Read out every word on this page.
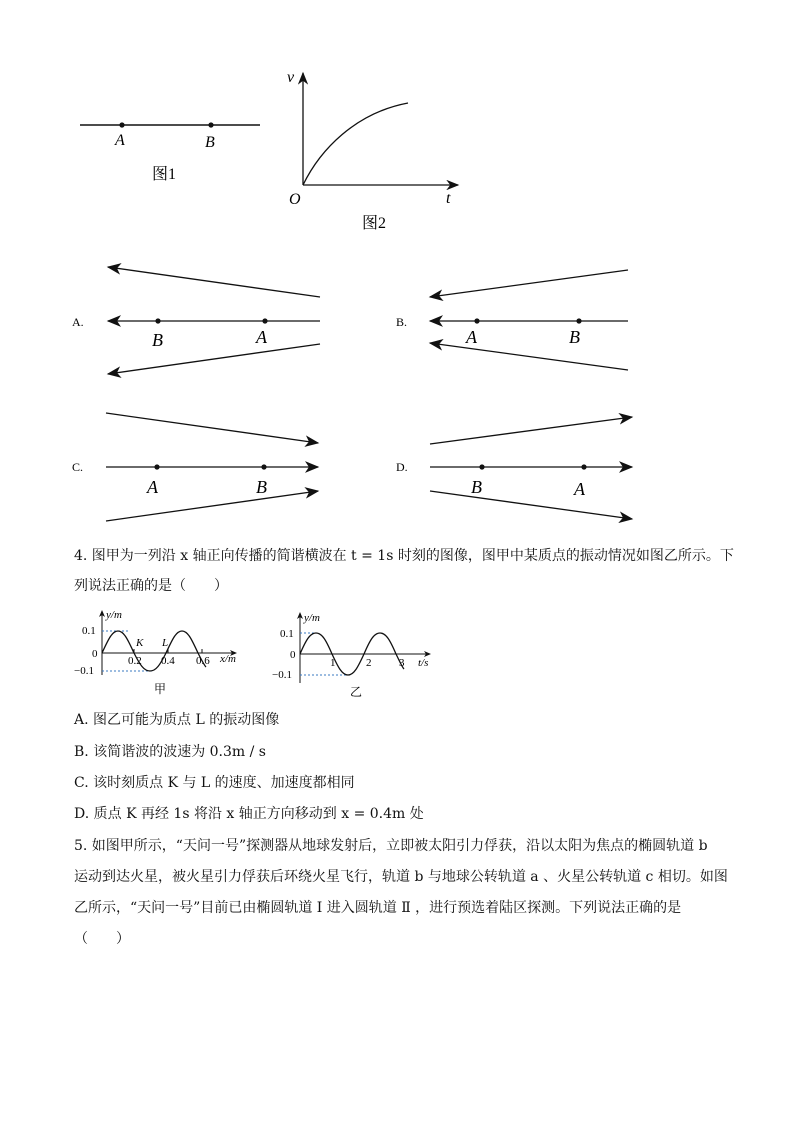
A	B
图1
v
t
O
图2
A.
B	A
B.
A	B
C.
A	B
D.
B	A
4. 图甲为一列沿 x 轴正向传播的简谐横波在 t = 1s 时刻的图像，图甲中某质点的振动情况如图乙所示。下
列说法正确的是（　　）
y/m
0.1
0
−0.1
0.2 0.4 0.6 x/m
K L
甲
y/m
0.1
0
−0.1
1	2	3 t/s
乙
A. 图乙可能为质点 L 的振动图像
B. 该简谐波的波速为 0.3m / s
C. 该时刻质点 K 与 L 的速度、加速度都相同
D. 质点 K 再经 1s 将沿 x 轴正方向移动到 x = 0.4m 处
5. 如图甲所示，“天问一号”探测器从地球发射后，立即被太阳引力俘获，沿以太阳为焦点的椭圆轨道 b
运动到达火星，被火星引力俘获后环绕火星飞行，轨道 b 与地球公转轨道 a 、火星公转轨道 c 相切。如图
乙所示，“天问一号”目前已由椭圆轨道 Ⅰ 进入圆轨道 Ⅱ ，进行预选着陆区探测。下列说法正确的是
（　　）
